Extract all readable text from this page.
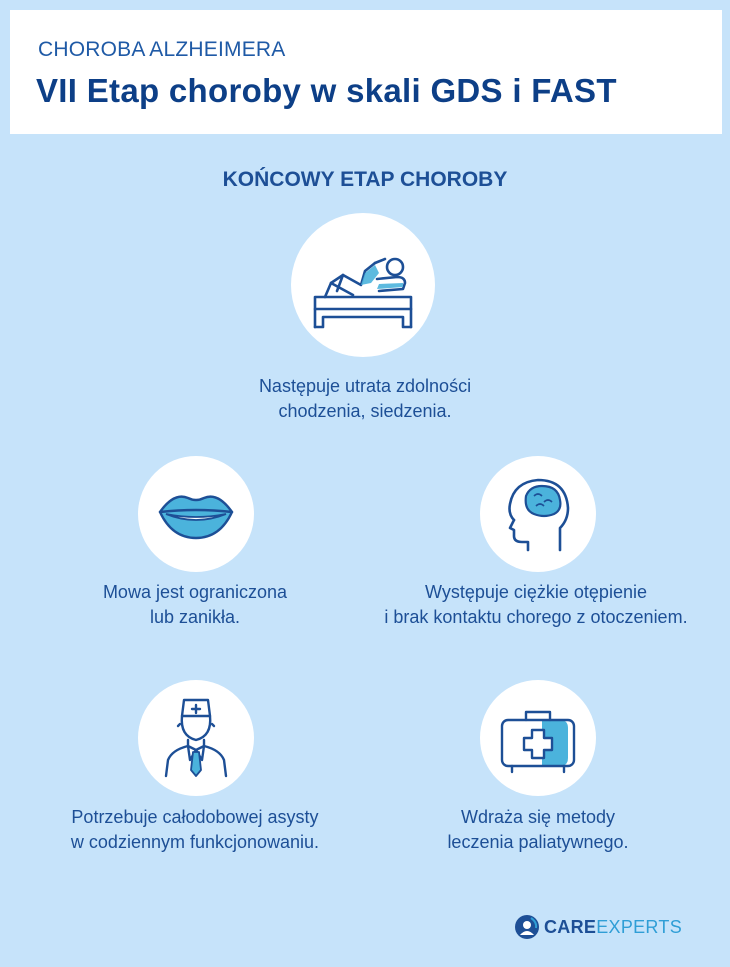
CHOROBA ALZHEIMERA
VII Etap choroby w skali GDS i FAST
KOŃCOWY ETAP CHOROBY
Następuje utrata zdolności
chodzenia, siedzenia.
Mowa jest ograniczona
lub zanikła.
Występuje ciężkie otępienie
i brak kontaktu chorego z otoczeniem.
Potrzebuje całodobowej asysty
w codziennym funkcjonowaniu.
Wdraża się metody
leczenia paliatywnego.
CAREEXPERTS
